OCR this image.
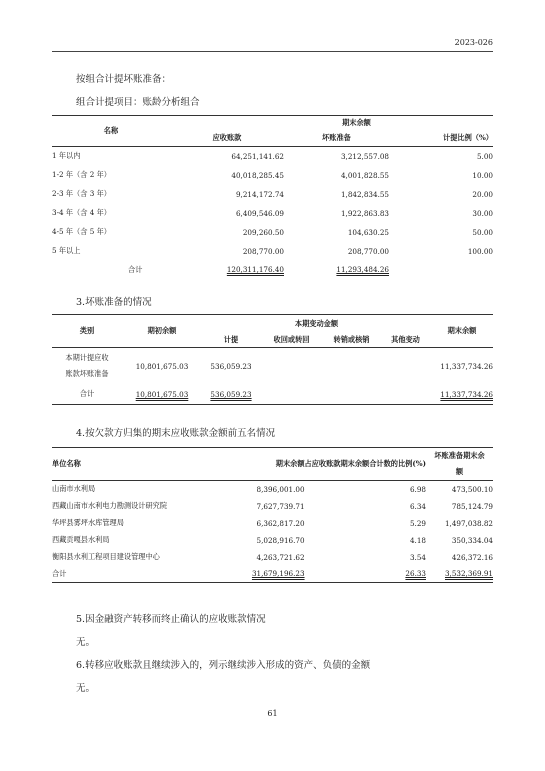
2023-026
按组合计提坏账准备：
组合计提项目：账龄分析组合
名称	期末余额		
	应收账款	坏账准备	计提比例（%）
1 年以内	64,251,141.62	3,212,557.08	5.00
1-2 年（含 2 年）	40,018,285.45	4,001,828.55	10.00
2-3 年（含 3 年）	9,214,172.74	1,842,834.55	20.00
3-4 年（含 4 年）	6,409,546.09	1,922,863.83	30.00
4-5 年（含 5 年）	209,260.50	104,630.25	50.00
5 年以上	208,770.00	208,770.00	100.00
合计	120,311,176.40	11,293,484.26	
3.坏账准备的情况
类别	期初余额	本期变动金额				期末余额
		计提	收回或转回	转销或核销	其他变动	

本期计提应收
账款坏账准备	10,801,675.03	536,059.23				11,337,734.26
合计	10,801,675.03	536,059.23				11,337,734.26
4.按欠款方归集的期末应收账款金额前五名情况
单位名称	期末余额	占应收账款期末余额合计数的比例(%)	坏账准备期末余
额

山南市水利局	8,396,001.00	6.98	473,500.10
西藏山南市水利电力勘测设计研究院	7,627,739.71	6.34	785,124.79
华坪县雾坪水库管理局	6,362,817.20	5.29	1,497,038.82
西藏贡嘎县水利局	5,028,916.70	4.18	350,334.04
衡阳县水利工程项目建设管理中心	4,263,721.62	3.54	426,372.16
合计	31,679,196.23	26.33	3,532,369.91
5.因金融资产转移而终止确认的应收账款情况
无。
6.转移应收账款且继续涉入的，列示继续涉入形成的资产、负债的金额
无。
61
